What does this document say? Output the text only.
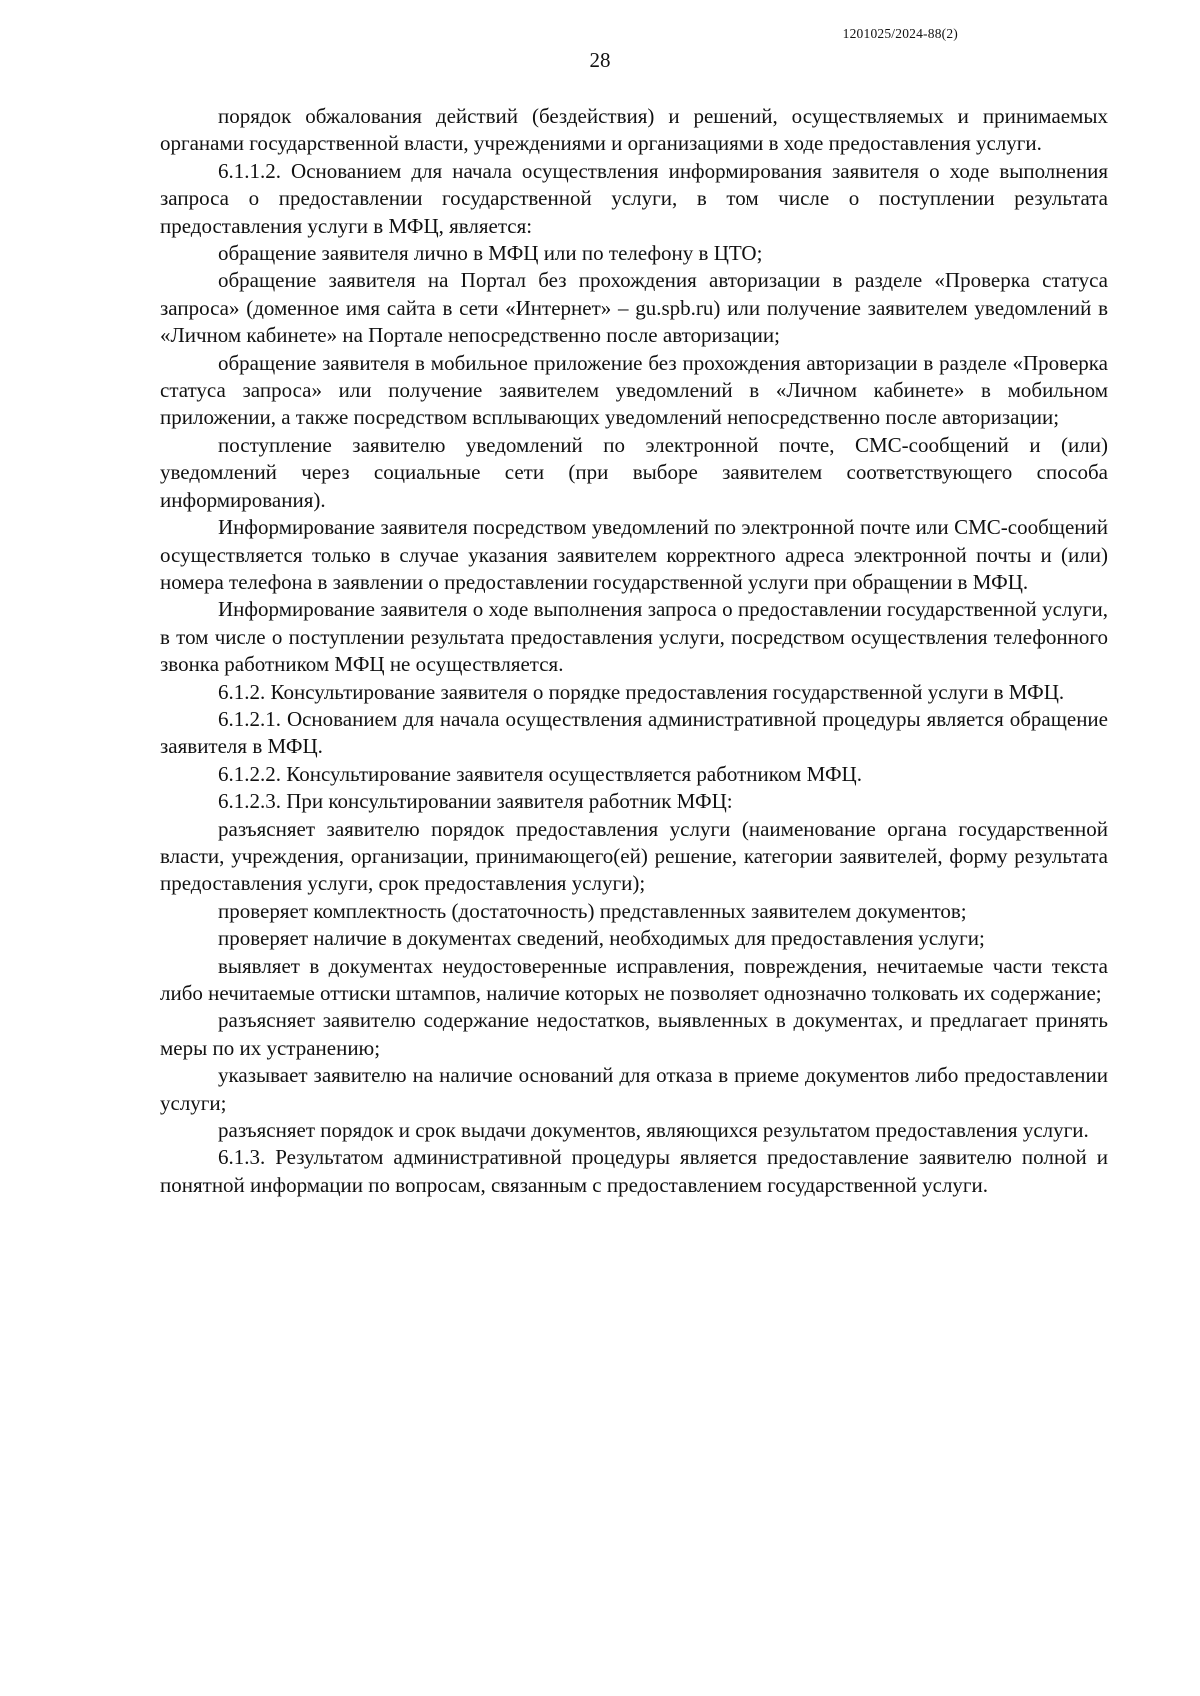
1201025/2024-88(2)
28

порядок обжалования действий (бездействия) и решений, осуществляемых и принимаемых органами государственной власти, учреждениями и организациями в ходе предоставления услуги.

6.1.1.2. Основанием для начала осуществления информирования заявителя о ходе выполнения запроса о предоставлении государственной услуги, в том числе о поступлении результата предоставления услуги в МФЦ, является:

обращение заявителя лично в МФЦ или по телефону в ЦТО;

обращение заявителя на Портал без прохождения авторизации в разделе «Проверка статуса запроса» (доменное имя сайта в сети «Интернет» – gu.spb.ru) или получение заявителем уведомлений в «Личном кабинете» на Портале непосредственно после авторизации;

обращение заявителя в мобильное приложение без прохождения авторизации в разделе «Проверка статуса запроса» или получение заявителем уведомлений в «Личном кабинете» в мобильном приложении, а также посредством всплывающих уведомлений непосредственно после авторизации;

поступление заявителю уведомлений по электронной почте, СМС-сообщений и (или) уведомлений через социальные сети (при выборе заявителем соответствующего способа информирования).

Информирование заявителя посредством уведомлений по электронной почте или СМС-сообщений осуществляется только в случае указания заявителем корректного адреса электронной почты и (или) номера телефона в заявлении о предоставлении государственной услуги при обращении в МФЦ.

Информирование заявителя о ходе выполнения запроса о предоставлении государственной услуги, в том числе о поступлении результата предоставления услуги, посредством осуществления телефонного звонка работником МФЦ не осуществляется.

6.1.2. Консультирование заявителя о порядке предоставления государственной услуги в МФЦ.

6.1.2.1. Основанием для начала осуществления административной процедуры является обращение заявителя в МФЦ.

6.1.2.2. Консультирование заявителя осуществляется работником МФЦ.

6.1.2.3. При консультировании заявителя работник МФЦ:

разъясняет заявителю порядок предоставления услуги (наименование органа государственной власти, учреждения, организации, принимающего(ей) решение, категории заявителей, форму результата предоставления услуги, срок предоставления услуги);

проверяет комплектность (достаточность) представленных заявителем документов;

проверяет наличие в документах сведений, необходимых для предоставления услуги;

выявляет в документах неудостоверенные исправления, повреждения, нечитаемые части текста либо нечитаемые оттиски штампов, наличие которых не позволяет однозначно толковать их содержание;

разъясняет заявителю содержание недостатков, выявленных в документах, и предлагает принять меры по их устранению;

указывает заявителю на наличие оснований для отказа в приеме документов либо предоставлении услуги;

разъясняет порядок и срок выдачи документов, являющихся результатом предоставления услуги.

6.1.3. Результатом административной процедуры является предоставление заявителю полной и понятной информации по вопросам, связанным с предоставлением государственной услуги.
